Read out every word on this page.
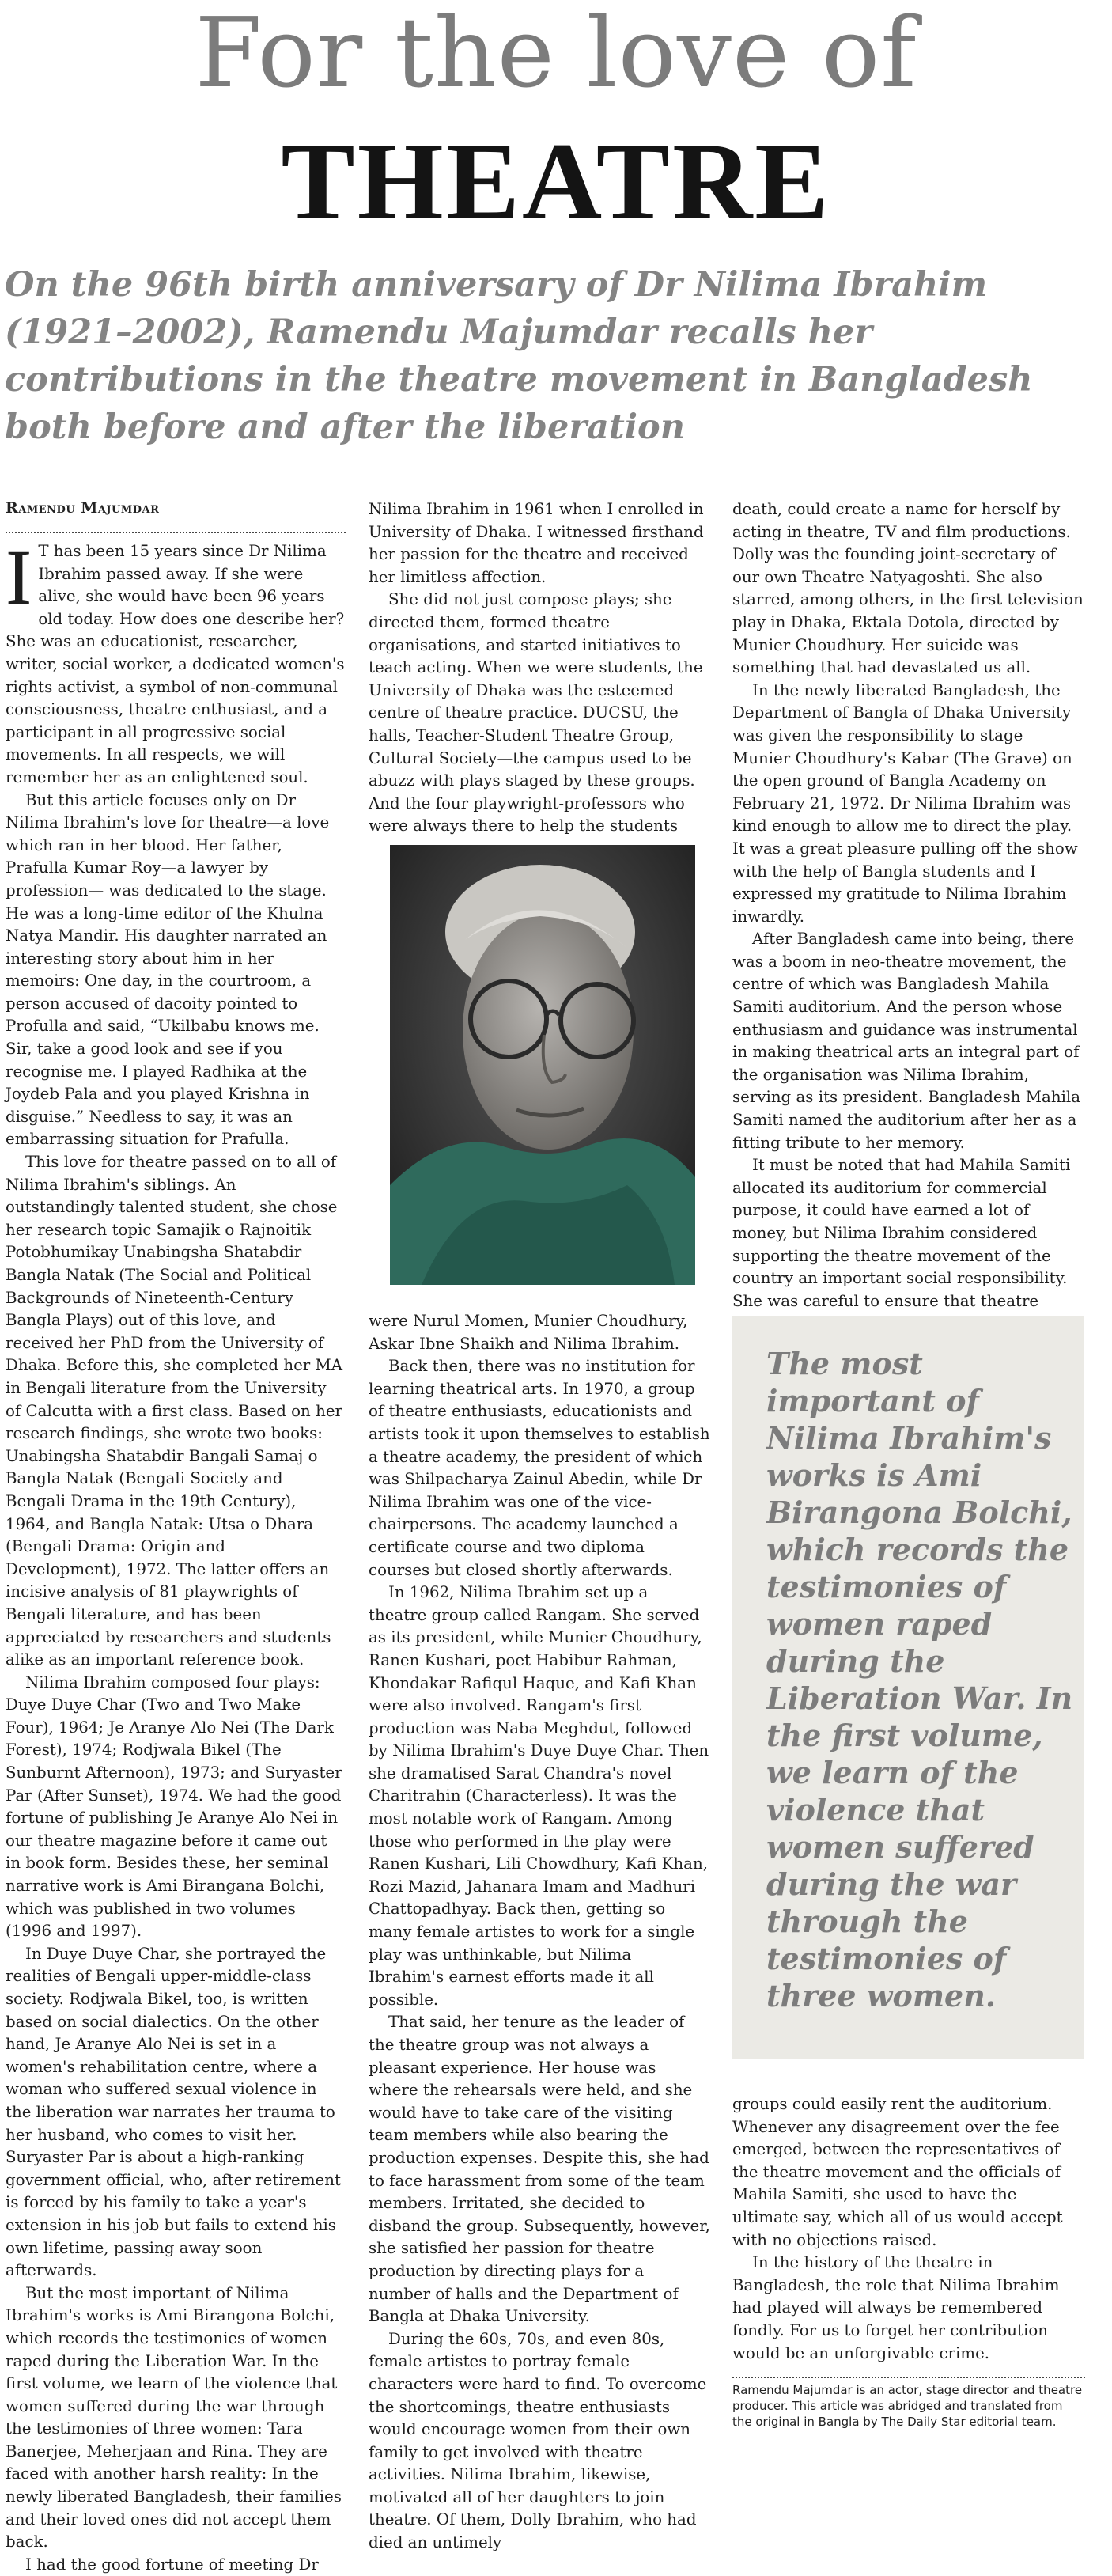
For the love of
THEATRE

On the 96th birth anniversary of Dr Nilima Ibrahim (1921–2002), Ramendu Majumdar recalls her contributions in the theatre movement in Bangladesh both before and after the liberation

Ramendu Majumdar

I T has been 15 years since Dr Nilima Ibrahim passed away. If she were alive, she would have been 96 years old today. How does one describe her? She was an educationist, researcher, writer, social worker, a dedicated women's rights activist, a symbol of non-communal consciousness, theatre enthusiast, and a participant in all progressive social movements. In all respects, we will remember her as an enlightened soul.

But this article focuses only on Dr Nilima Ibrahim's love for theatre—a love which ran in her blood. Her father, Prafulla Kumar Roy—a lawyer by profession— was dedicated to the stage. He was a long-time editor of the Khulna Natya Mandir. His daughter narrated an interesting story about him in her memoirs: One day, in the courtroom, a person accused of dacoity pointed to Profulla and said, “Ukilbabu knows me. Sir, take a good look and see if you recognise me. I played Radhika at the Joydeb Pala and you played Krishna in disguise.” Needless to say, it was an embarrassing situation for Prafulla.

This love for theatre passed on to all of Nilima Ibrahim's siblings. An outstandingly talented student, she chose her research topic Samajik o Rajnoitik Potobhumikay Unabingsha Shatabdir Bangla Natak (The Social and Political Backgrounds of Nineteenth-Century Bangla Plays) out of this love, and received her PhD from the University of Dhaka. Before this, she completed her MA in Bengali literature from the University of Calcutta with a first class. Based on her research findings, she wrote two books: Unabingsha Shatabdir Bangali Samaj o Bangla Natak (Bengali Society and Bengali Drama in the 19th Century), 1964, and Bangla Natak: Utsa o Dhara (Bengali Drama: Origin and Development), 1972. The latter offers an incisive analysis of 81 playwrights of Bengali literature, and has been appreciated by researchers and students alike as an important reference book.

Nilima Ibrahim composed four plays: Duye Duye Char (Two and Two Make Four), 1964; Je Aranye Alo Nei (The Dark Forest), 1974; Rodjwala Bikel (The Sunburnt Afternoon), 1973; and Suryaster Par (After Sunset), 1974. We had the good fortune of publishing Je Aranye Alo Nei in our theatre magazine before it came out in book form. Besides these, her seminal narrative work is Ami Birangana Bolchi, which was published in two volumes (1996 and 1997).

In Duye Duye Char, she portrayed the realities of Bengali upper-middle-class society. Rodjwala Bikel, too, is written based on social dialectics. On the other hand, Je Aranye Alo Nei is set in a women's rehabilitation centre, where a woman who suffered sexual violence in the liberation war narrates her trauma to her husband, who comes to visit her. Suryaster Par is about a high-ranking government official, who, after retirement is forced by his family to take a year's extension in his job but fails to extend his own lifetime, passing away soon afterwards.

But the most important of Nilima Ibrahim's works is Ami Birangona Bolchi, which records the testimonies of women raped during the Liberation War. In the first volume, we learn of the violence that women suffered during the war through the testimonies of three women: Tara Banerjee, Meherjaan and Rina. They are faced with another harsh reality: In the newly liberated Bangladesh, their families and their loved ones did not accept them back.

I had the good fortune of meeting Dr

Nilima Ibrahim in 1961 when I enrolled in University of Dhaka. I witnessed firsthand her passion for the theatre and received her limitless affection.

She did not just compose plays; she directed them, formed theatre organisations, and started initiatives to teach acting. When we were students, the University of Dhaka was the esteemed centre of theatre practice. DUCSU, the halls, Teacher-Student Theatre Group, Cultural Society—the campus used to be abuzz with plays staged by these groups. And the four playwright-professors who were always there to help the students

were Nurul Momen, Munier Choudhury, Askar Ibne Shaikh and Nilima Ibrahim.

Back then, there was no institution for learning theatrical arts. In 1970, a group of theatre enthusiasts, educationists and artists took it upon themselves to establish a theatre academy, the president of which was Shilpacharya Zainul Abedin, while Dr Nilima Ibrahim was one of the vice-chairpersons. The academy launched a certificate course and two diploma courses but closed shortly afterwards.

In 1962, Nilima Ibrahim set up a theatre group called Rangam. She served as its president, while Munier Choudhury, Ranen Kushari, poet Habibur Rahman, Khondakar Rafiqul Haque, and Kafi Khan were also involved. Rangam's first production was Naba Meghdut, followed by Nilima Ibrahim's Duye Duye Char. Then she dramatised Sarat Chandra's novel Charitrahin (Characterless). It was the most notable work of Rangam. Among those who performed in the play were Ranen Kushari, Lili Chowdhury, Kafi Khan, Rozi Mazid, Jahanara Imam and Madhuri Chattopadhyay. Back then, getting so many female artistes to work for a single play was unthinkable, but Nilima Ibrahim's earnest efforts made it all possible.

That said, her tenure as the leader of the theatre group was not always a pleasant experience. Her house was where the rehearsals were held, and she would have to take care of the visiting team members while also bearing the production expenses. Despite this, she had to face harassment from some of the team members. Irritated, she decided to disband the group. Subsequently, however, she satisfied her passion for theatre production by directing plays for a number of halls and the Department of Bangla at Dhaka University.

During the 60s, 70s, and even 80s, female artistes to portray female characters were hard to find. To overcome the shortcomings, theatre enthusiasts would encourage women from their own family to get involved with theatre activities. Nilima Ibrahim, likewise, motivated all of her daughters to join theatre. Of them, Dolly Ibrahim, who had died an untimely

death, could create a name for herself by acting in theatre, TV and film productions. Dolly was the founding joint-secretary of our own Theatre Natyagoshti. She also starred, among others, in the first television play in Dhaka, Ektala Dotola, directed by Munier Choudhury. Her suicide was something that had devastated us all.

In the newly liberated Bangladesh, the Department of Bangla of Dhaka University was given the responsibility to stage Munier Choudhury's Kabar (The Grave) on the open ground of Bangla Academy on February 21, 1972. Dr Nilima Ibrahim was kind enough to allow me to direct the play. It was a great pleasure pulling off the show with the help of Bangla students and I expressed my gratitude to Nilima Ibrahim inwardly.

After Bangladesh came into being, there was a boom in neo-theatre movement, the centre of which was Bangladesh Mahila Samiti auditorium. And the person whose enthusiasm and guidance was instrumental in making theatrical arts an integral part of the organisation was Nilima Ibrahim, serving as its president. Bangladesh Mahila Samiti named the auditorium after her as a fitting tribute to her memory.

It must be noted that had Mahila Samiti allocated its auditorium for commercial purpose, it could have earned a lot of money, but Nilima Ibrahim considered supporting the theatre movement of the country an important social responsibility. She was careful to ensure that theatre

The most important of Nilima Ibrahim's works is Ami Birangona Bolchi, which records the testimonies of women raped during the Liberation War. In the first volume, we learn of the violence that women suffered during the war through the testimonies of three women.

groups could easily rent the auditorium. Whenever any disagreement over the fee emerged, between the representatives of the theatre movement and the officials of Mahila Samiti, she used to have the ultimate say, which all of us would accept with no objections raised.

In the history of the theatre in Bangladesh, the role that Nilima Ibrahim had played will always be remembered fondly. For us to forget her contribution would be an unforgivable crime.

Ramendu Majumdar is an actor, stage director and theatre producer. This article was abridged and translated from the original in Bangla by The Daily Star editorial team.
